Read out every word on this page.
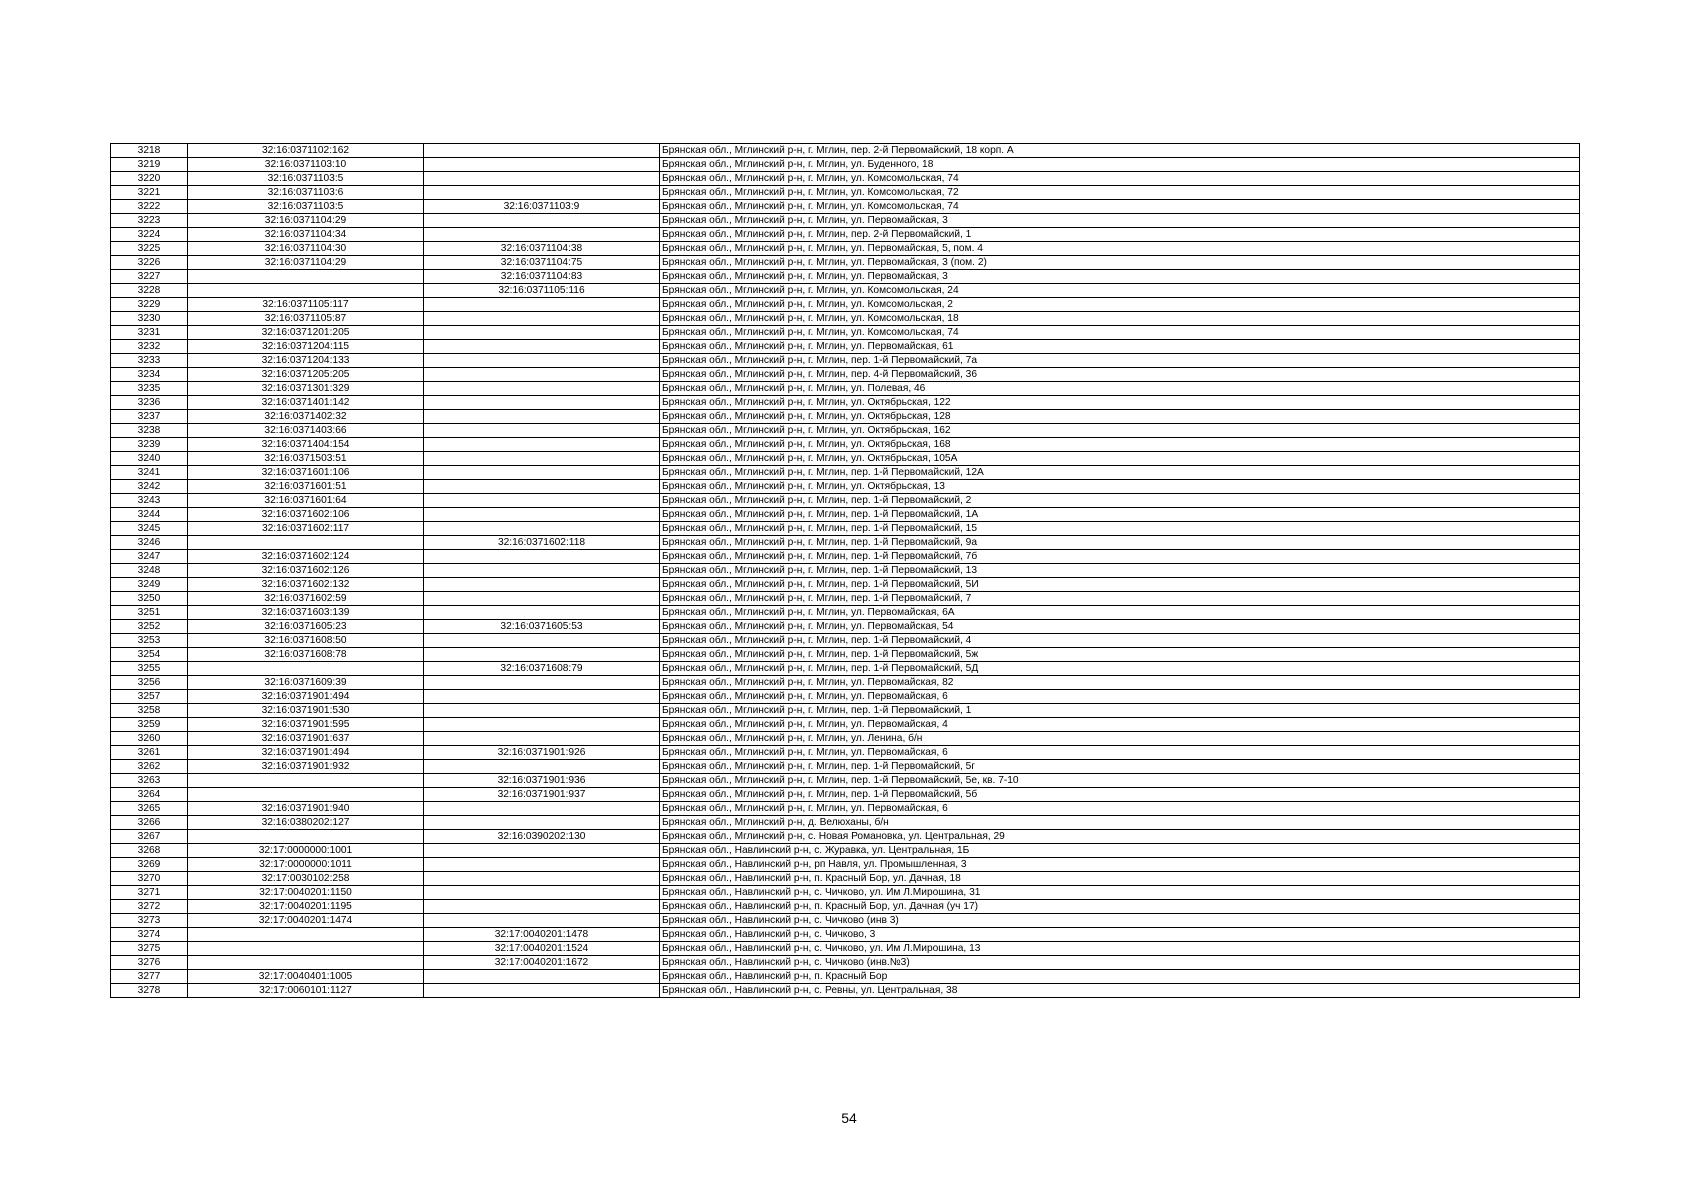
3218	32:16:0371102:162		Брянская обл., Мглинский р-н, г. Мглин, пер. 2-й Первомайский, 18 корп. А
3219	32:16:0371103:10		Брянская обл., Мглинский р-н, г. Мглин, ул. Буденного, 18
3220	32:16:0371103:5		Брянская обл., Мглинский р-н, г. Мглин, ул. Комсомольская, 74
3221	32:16:0371103:6		Брянская обл., Мглинский р-н, г. Мглин, ул. Комсомольская, 72
3222	32:16:0371103:5	32:16:0371103:9	Брянская обл., Мглинский р-н, г. Мглин, ул. Комсомольская, 74
3223	32:16:0371104:29		Брянская обл., Мглинский р-н, г. Мглин, ул. Первомайская, 3
3224	32:16:0371104:34		Брянская обл., Мглинский р-н, г. Мглин, пер. 2-й Первомайский, 1
3225	32:16:0371104:30	32:16:0371104:38	Брянская обл., Мглинский р-н, г. Мглин, ул. Первомайская, 5, пом. 4
3226	32:16:0371104:29	32:16:0371104:75	Брянская обл., Мглинский р-н, г. Мглин, ул. Первомайская, 3 (пом. 2)
3227		32:16:0371104:83	Брянская обл., Мглинский р-н, г. Мглин, ул. Первомайская, 3
3228		32:16:0371105:116	Брянская обл., Мглинский р-н, г. Мглин, ул. Комсомольская, 24
3229	32:16:0371105:117		Брянская обл., Мглинский р-н, г. Мглин, ул. Комсомольская, 2
3230	32:16:0371105:87		Брянская обл., Мглинский р-н, г. Мглин, ул. Комсомольская, 18
3231	32:16:0371201:205		Брянская обл., Мглинский р-н, г. Мглин, ул. Комсомольская, 74
3232	32:16:0371204:115		Брянская обл., Мглинский р-н, г. Мглин, ул. Первомайская, 61
3233	32:16:0371204:133		Брянская обл., Мглинский р-н, г. Мглин, пер. 1-й Первомайский, 7а
3234	32:16:0371205:205		Брянская обл., Мглинский р-н, г. Мглин, пер. 4-й Первомайский, 36
3235	32:16:0371301:329		Брянская обл., Мглинский р-н, г. Мглин, ул. Полевая, 46
3236	32:16:0371401:142		Брянская обл., Мглинский р-н, г. Мглин, ул. Октябрьская, 122
3237	32:16:0371402:32		Брянская обл., Мглинский р-н, г. Мглин, ул. Октябрьская, 128
3238	32:16:0371403:66		Брянская обл., Мглинский р-н, г. Мглин, ул. Октябрьская, 162
3239	32:16:0371404:154		Брянская обл., Мглинский р-н, г. Мглин, ул. Октябрьская, 168
3240	32:16:0371503:51		Брянская обл., Мглинский р-н, г. Мглин, ул. Октябрьская, 105А
3241	32:16:0371601:106		Брянская обл., Мглинский р-н, г. Мглин, пер. 1-й Первомайский, 12А
3242	32:16:0371601:51		Брянская обл., Мглинский р-н, г. Мглин, ул. Октябрьская, 13
3243	32:16:0371601:64		Брянская обл., Мглинский р-н, г. Мглин, пер. 1-й Первомайский, 2
3244	32:16:0371602:106		Брянская обл., Мглинский р-н, г. Мглин, пер. 1-й Первомайский, 1А
3245	32:16:0371602:117		Брянская обл., Мглинский р-н, г. Мглин, пер. 1-й Первомайский, 15
3246		32:16:0371602:118	Брянская обл., Мглинский р-н, г. Мглин, пер. 1-й Первомайский, 9а
3247	32:16:0371602:124		Брянская обл., Мглинский р-н, г. Мглин, пер. 1-й Первомайский, 7б
3248	32:16:0371602:126		Брянская обл., Мглинский р-н, г. Мглин, пер. 1-й Первомайский, 13
3249	32:16:0371602:132		Брянская обл., Мглинский р-н, г. Мглин, пер. 1-й Первомайский, 5И
3250	32:16:0371602:59		Брянская обл., Мглинский р-н, г. Мглин, пер. 1-й Первомайский, 7
3251	32:16:0371603:139		Брянская обл., Мглинский р-н, г. Мглин, ул. Первомайская, 6А
3252	32:16:0371605:23	32:16:0371605:53	Брянская обл., Мглинский р-н, г. Мглин, ул. Первомайская, 54
3253	32:16:0371608:50		Брянская обл., Мглинский р-н, г. Мглин, пер. 1-й Первомайский, 4
3254	32:16:0371608:78		Брянская обл., Мглинский р-н, г. Мглин, пер. 1-й Первомайский, 5ж
3255		32:16:0371608:79	Брянская обл., Мглинский р-н, г. Мглин, пер. 1-й Первомайский, 5Д
3256	32:16:0371609:39		Брянская обл., Мглинский р-н, г. Мглин, ул. Первомайская, 82
3257	32:16:0371901:494		Брянская обл., Мглинский р-н, г. Мглин, ул. Первомайская, 6
3258	32:16:0371901:530		Брянская обл., Мглинский р-н, г. Мглин, пер. 1-й Первомайский, 1
3259	32:16:0371901:595		Брянская обл., Мглинский р-н, г. Мглин, ул. Первомайская, 4
3260	32:16:0371901:637		Брянская обл., Мглинский р-н, г. Мглин, ул. Ленина, б/н
3261	32:16:0371901:494	32:16:0371901:926	Брянская обл., Мглинский р-н, г. Мглин, ул. Первомайская, 6
3262	32:16:0371901:932		Брянская обл., Мглинский р-н, г. Мглин, пер. 1-й Первомайский, 5г
3263		32:16:0371901:936	Брянская обл., Мглинский р-н, г. Мглин, пер. 1-й Первомайский, 5е, кв. 7-10
3264		32:16:0371901:937	Брянская обл., Мглинский р-н, г. Мглин, пер. 1-й Первомайский, 5б
3265	32:16:0371901:940		Брянская обл., Мглинский р-н, г. Мглин, ул. Первомайская, 6
3266	32:16:0380202:127		Брянская обл., Мглинский р-н, д. Велюханы, б/н
3267		32:16:0390202:130	Брянская обл., Мглинский р-н, с. Новая Романовка, ул. Центральная, 29
3268	32:17:0000000:1001		Брянская обл., Навлинский р-н, с. Журавка, ул. Центральная, 1Б
3269	32:17:0000000:1011		Брянская обл., Навлинский р-н, рп Навля, ул. Промышленная, 3
3270	32:17:0030102:258		Брянская обл., Навлинский р-н, п. Красный Бор, ул. Дачная, 18
3271	32:17:0040201:1150		Брянская обл., Навлинский р-н, с. Чичково, ул. Им Л.Мирошина, 31
3272	32:17:0040201:1195		Брянская обл., Навлинский р-н, п. Красный Бор, ул. Дачная (уч 17)
3273	32:17:0040201:1474		Брянская обл., Навлинский р-н, с. Чичково (инв 3)
3274		32:17:0040201:1478	Брянская обл., Навлинский р-н, с. Чичково, 3
3275		32:17:0040201:1524	Брянская обл., Навлинский р-н, с. Чичково, ул. Им Л.Мирошина, 13
3276		32:17:0040201:1672	Брянская обл., Навлинский р-н, с. Чичково (инв.№3)
3277	32:17:0040401:1005		Брянская обл., Навлинский р-н, п. Красный Бор
3278	32:17:0060101:1127		Брянская обл., Навлинский р-н, с. Ревны, ул. Центральная, 38
54
